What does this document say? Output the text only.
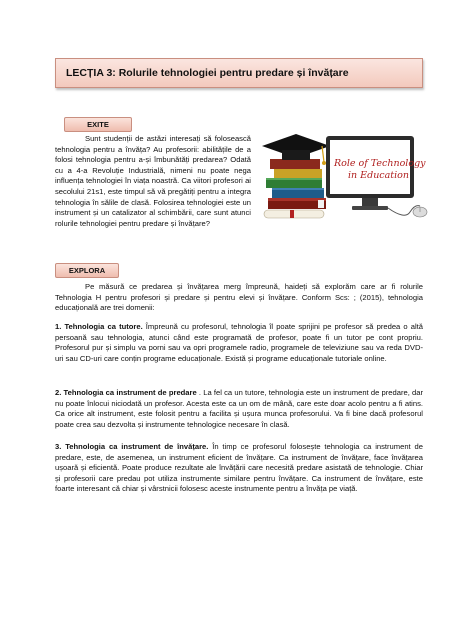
LECȚIA 3: Rolurile tehnologiei pentru predare și învățare
EXITE
Sunt studenții de astăzi interesați să folosească tehnologia pentru a învăța? Au profesorii: abilitățile de a folosi tehnologia pentru a-și îmbunătăți predarea? Odată cu a 4-a Revoluție Industrială, nimeni nu poate nega influența tehnologiei în viața noastră. Ca viitori profesori ai secolului 21s1, este timpul să vă pregătiți pentru a integra tehnologia în sălile de clasă. Folosirea tehnologiei este un instrument și un catalizator al schimbării, care sunt atunci rolurile tehnologiei pentru predare și învățare?
Role of Technology
in Education
EXPLORA
Pe măsură ce predarea și învățarea merg împreună, haideți să explorăm care ar fi rolurile Tehnologia H pentru profesori și predare și pentru elevi și învățare. Conform Scs: ; (2015), tehnologia educațională are trei domenii:
1. Tehnologia ca tutore. Împreună cu profesorul, tehnologia îl poate sprijini pe profesor să predea o altă persoană sau tehnologia, atunci când este programată de profesor, poate fi un tutor pe cont propriu. Profesorul pur și simplu va porni sau va opri programele radio, programele de televiziune sau va reda DVD-uri sau CD-uri care conțin programe educaționale. Există și programe educaționale tutoriale online.
2. Tehnologia ca instrument de predare . La fel ca un tutore, tehnologia este un instrument de predare, dar nu poate înlocui niciodată un profesor. Acesta este ca un om de mână, care este doar acolo pentru a fi atins. Ca orice alt instrument, este folosit pentru a facilita și ușura munca profesorului. Va fi bine dacă profesorul poate crea sau dezvolta și instrumente tehnologice necesare în clasă.
3. Tehnologia ca instrument de învățare. În timp ce profesorul folosește tehnologia ca instrument de predare, este, de asemenea, un instrument eficient de învățare. Ca instrument de învățare, face învățarea ușoară și eficientă. Poate produce rezultate ale învățării care necesită predare asistată de tehnologie. Chiar și profesorii care predau pot utiliza instrumente similare pentru învățare. Ca instrument de învățare, este foarte interesant că chiar și vârstnicii folosesc aceste instrumente pentru a învăța pe viață.
